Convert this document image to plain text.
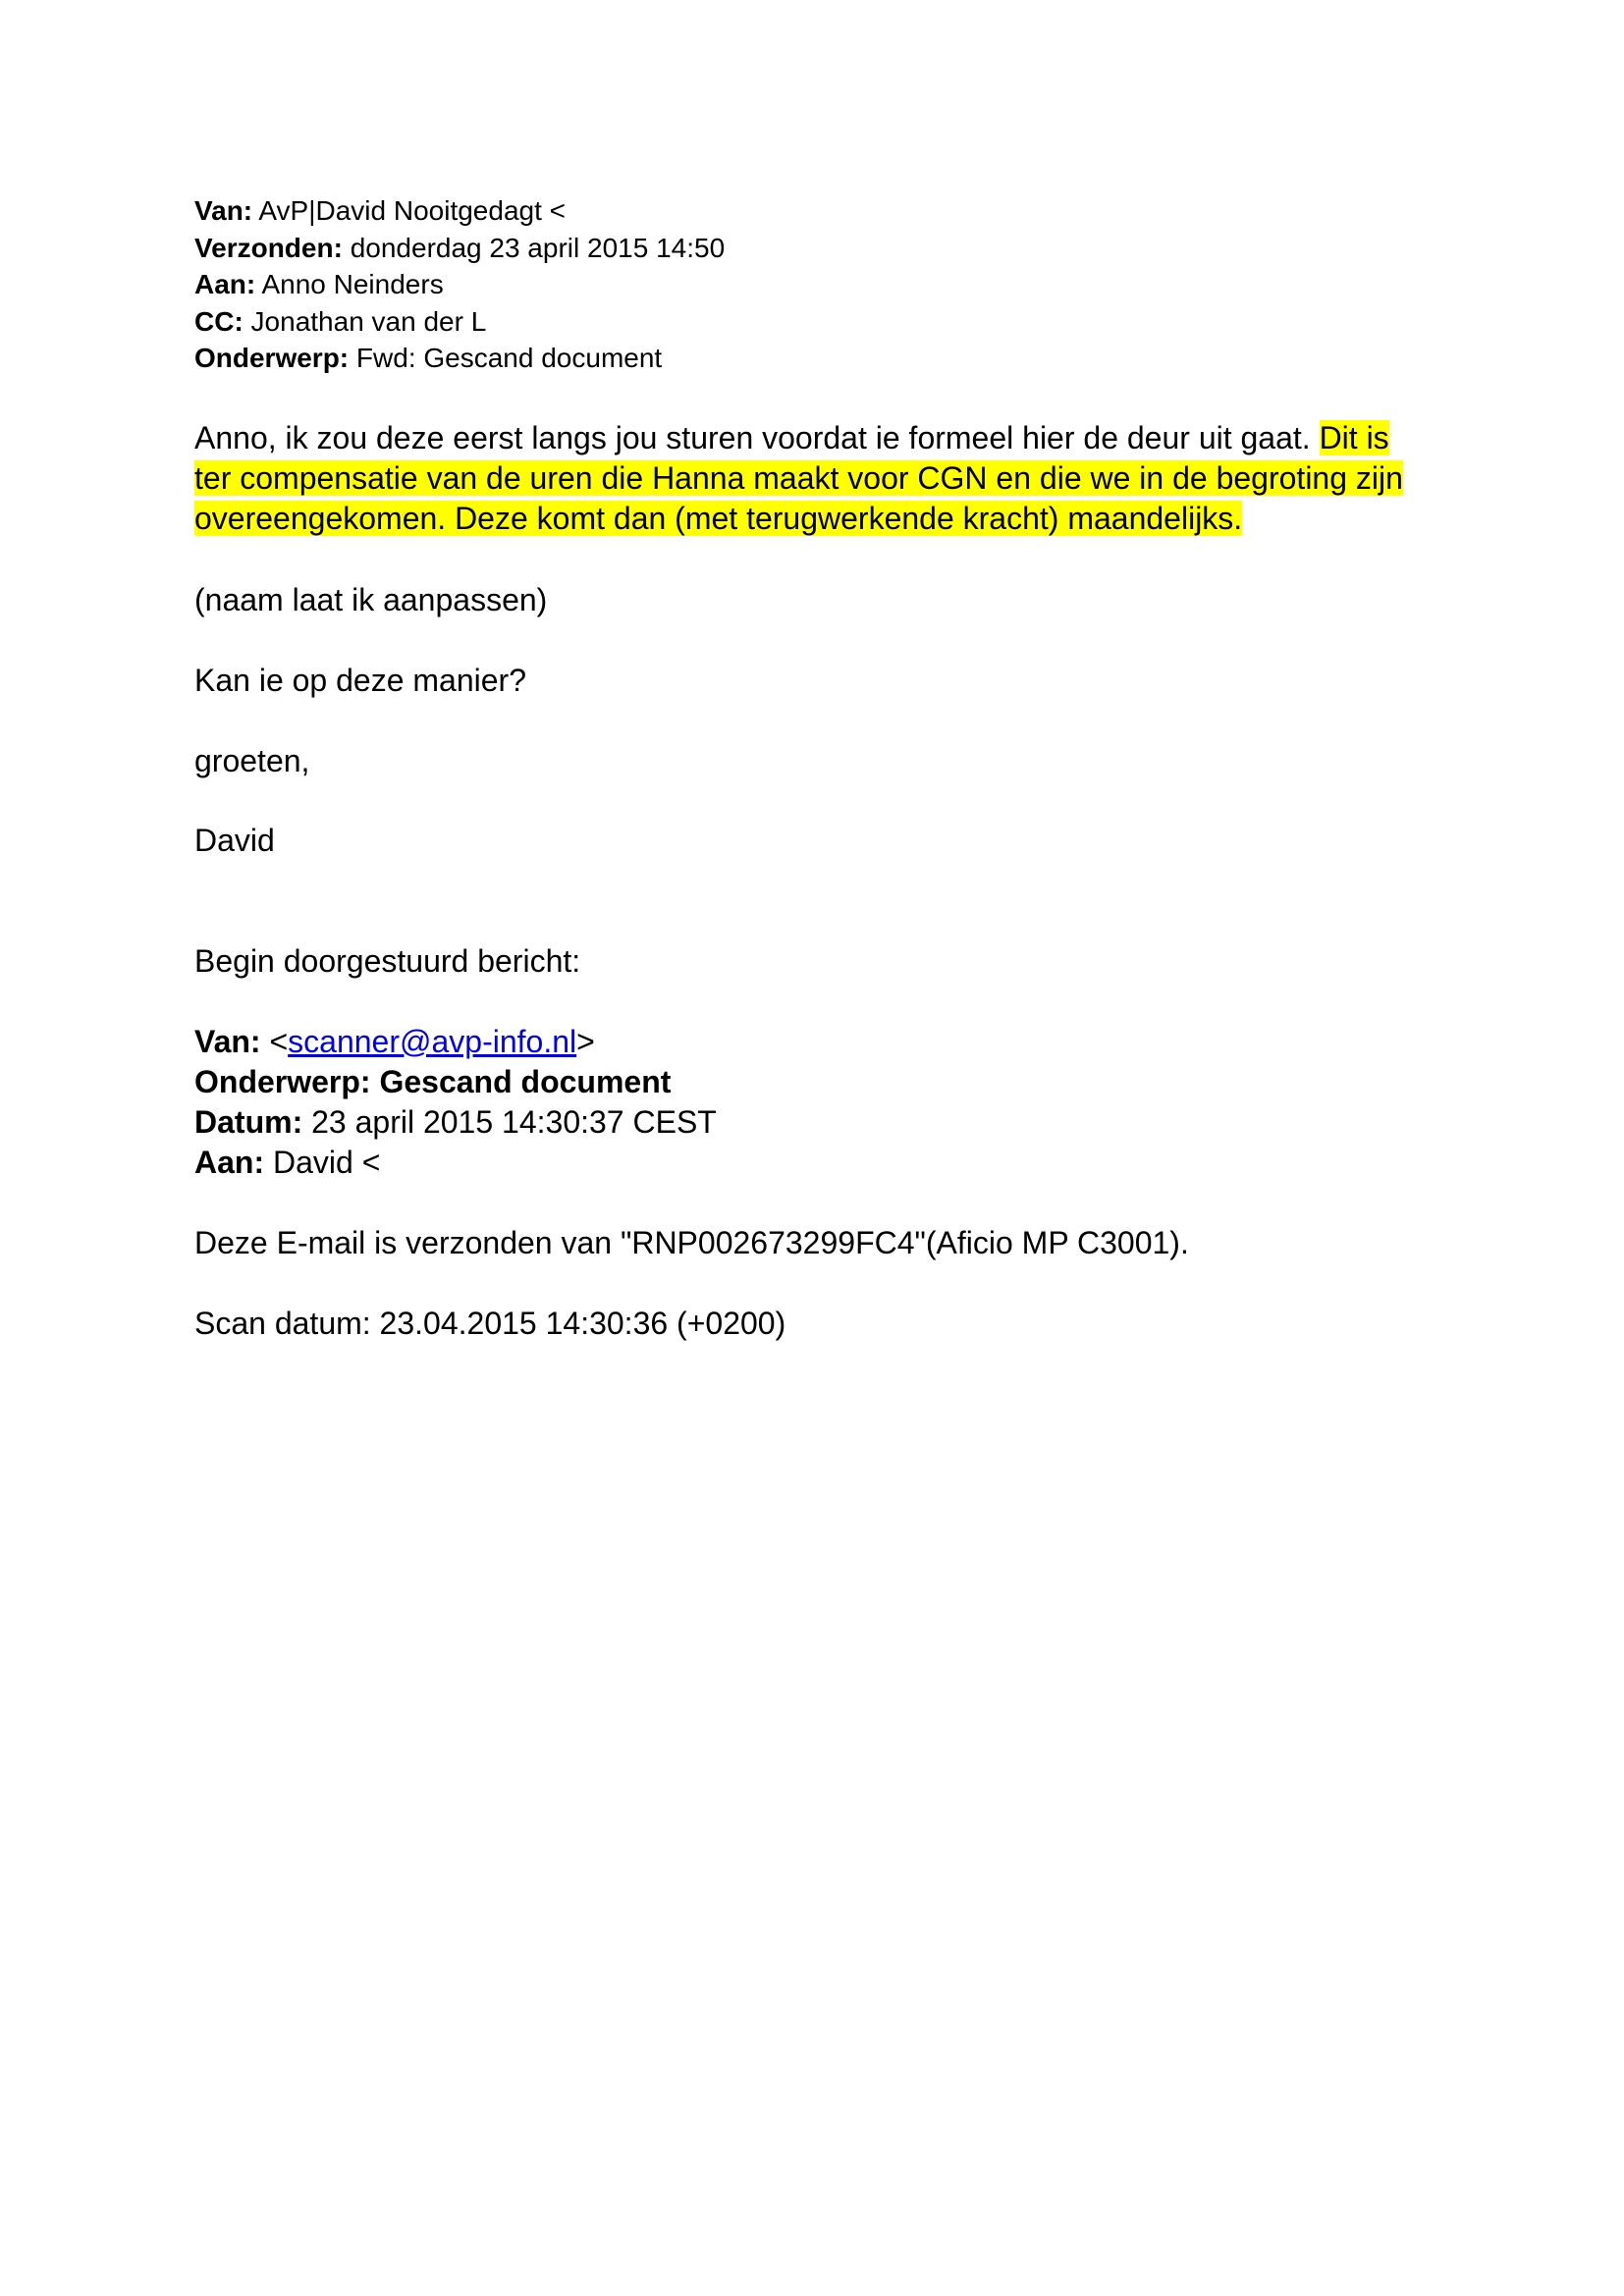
Van: AvP|David Nooitgedagt <
Verzonden: donderdag 23 april 2015 14:50
Aan: Anno Neinders
CC: Jonathan van der L
Onderwerp: Fwd: Gescand document
Anno, ik zou deze eerst langs jou sturen voordat ie formeel hier de deur uit gaat. Dit is ter compensatie van de uren die Hanna maakt voor CGN en die we in de begroting zijn overeengekomen. Deze komt dan (met terugwerkende kracht) maandelijks.
(naam laat ik aanpassen)
Kan ie op deze manier?
groeten,
David
Begin doorgestuurd bericht:
Van: <scanner@avp-info.nl>
Onderwerp: Gescand document
Datum: 23 april 2015 14:30:37 CEST
Aan: David <
Deze E-mail is verzonden van "RNP002673299FC4"(Aficio MP C3001).
Scan datum: 23.04.2015 14:30:36 (+0200)
